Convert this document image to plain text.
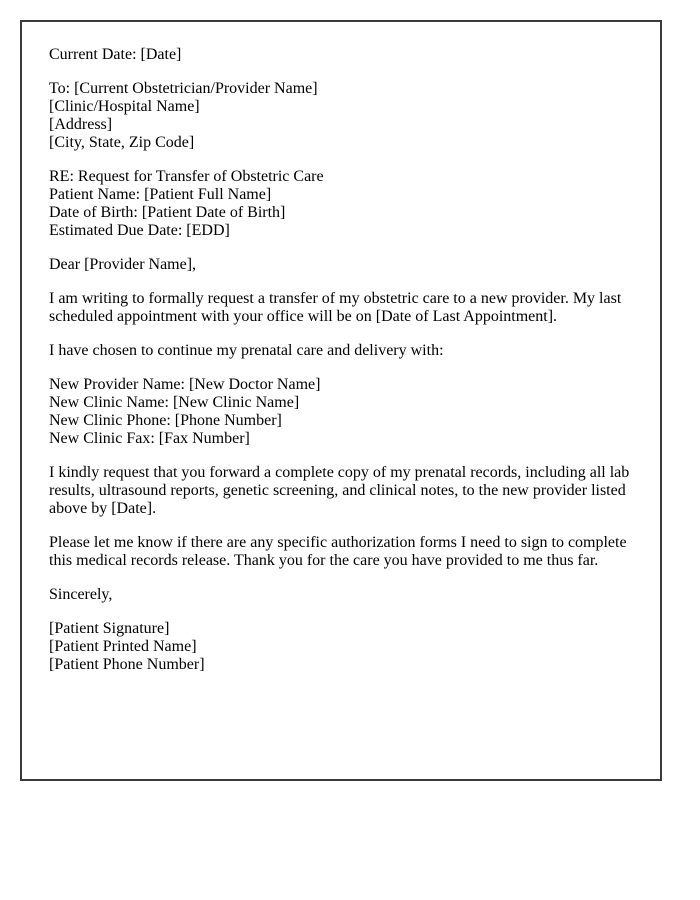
Current Date: [Date]

To: [Current Obstetrician/Provider Name]
[Clinic/Hospital Name]
[Address]
[City, State, Zip Code]

RE: Request for Transfer of Obstetric Care
Patient Name: [Patient Full Name]
Date of Birth: [Patient Date of Birth]
Estimated Due Date: [EDD]

Dear [Provider Name],

I am writing to formally request a transfer of my obstetric care to a new provider. My last scheduled appointment with your office will be on [Date of Last Appointment].

I have chosen to continue my prenatal care and delivery with:

New Provider Name: [New Doctor Name]
New Clinic Name: [New Clinic Name]
New Clinic Phone: [Phone Number]
New Clinic Fax: [Fax Number]

I kindly request that you forward a complete copy of my prenatal records, including all lab results, ultrasound reports, genetic screening, and clinical notes, to the new provider listed above by [Date].

Please let me know if there are any specific authorization forms I need to sign to complete this medical records release. Thank you for the care you have provided to me thus far.

Sincerely,

[Patient Signature]
[Patient Printed Name]
[Patient Phone Number]
